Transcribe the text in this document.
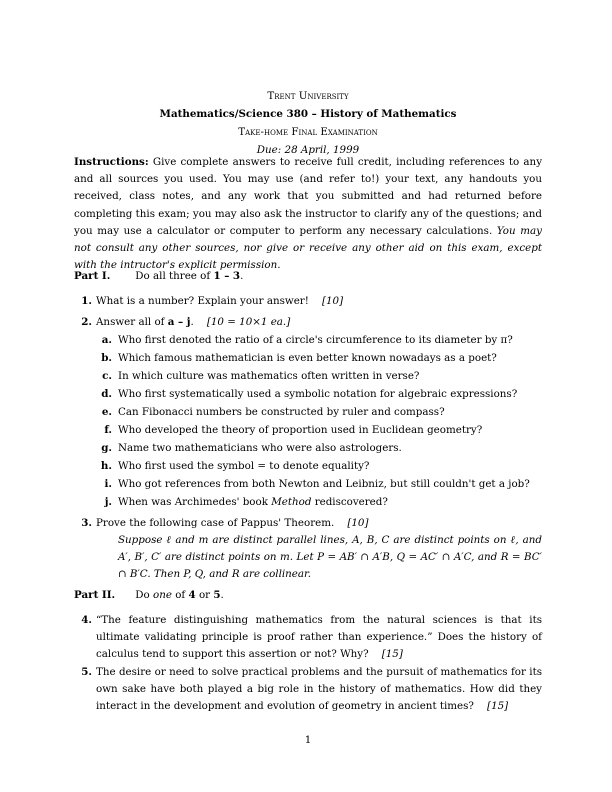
Trent University
Mathematics/Science 380 – History of Mathematics
Take-home Final Examination
Due: 28 April, 1999
Instructions: Give complete answers to receive full credit, including references to any and all sources you used. You may use (and refer to!) your text, any handouts you received, class notes, and any work that you submitted and had returned before completing this exam; you may also ask the instructor to clarify any of the questions; and you may use a calculator or computer to perform any necessary calculations. You may not consult any other sources, nor give or receive any other aid on this exam, except with the intructor's explicit permission.
Part I. Do all three of 1 – 3.
1. What is a number? Explain your answer! [10]
2. Answer all of a – j. [10 = 10×1 ea.]
a. Who first denoted the ratio of a circle's circumference to its diameter by π?
b. Which famous mathematician is even better known nowadays as a poet?
c. In which culture was mathematics often written in verse?
d. Who first systematically used a symbolic notation for algebraic expressions?
e. Can Fibonacci numbers be constructed by ruler and compass?
f. Who developed the theory of proportion used in Euclidean geometry?
g. Name two mathematicians who were also astrologers.
h. Who first used the symbol = to denote equality?
i. Who got references from both Newton and Leibniz, but still couldn't get a job?
j. When was Archimedes' book Method rediscovered?
3. Prove the following case of Pappus' Theorem. [10]
Suppose ℓ and m are distinct parallel lines, A, B, C are distinct points on ℓ, and A′, B′, C′ are distinct points on m. Let P = AB′ ∩ A′B, Q = AC′ ∩ A′C, and R = BC′ ∩ B′C. Then P, Q, and R are collinear.
Part II. Do one of 4 or 5.
4. “The feature distinguishing mathematics from the natural sciences is that its ultimate validating principle is proof rather than experience.” Does the history of calculus tend to support this assertion or not? Why? [15]
5. The desire or need to solve practical problems and the pursuit of mathematics for its own sake have both played a big role in the history of mathematics. How did they interact in the development and evolution of geometry in ancient times? [15]
1
